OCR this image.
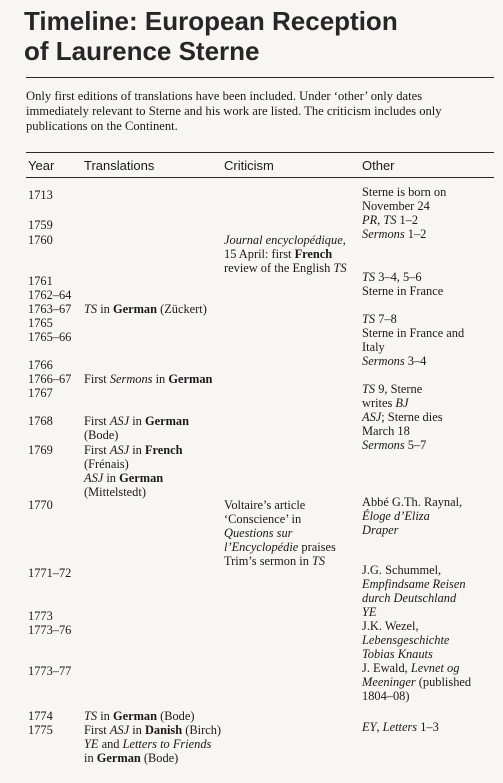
Timeline: European Reception
of Laurence Sterne
Only first editions of translations have been included. Under ‘other’ only dates
immediately relevant to Sterne and his work are listed. The criticism includes only
publications on the Continent.
Year Translations	Criticism	Other
1713
1759
1760
1761
1762–64
1763–67
1765
1765–66
1766
1766–67
1767
1768
1769
1770
1771–72
1773
1773–76
1773–77
1774
1775
TS in German (Zückert)
First Sermons in German
First ASJ in German
(Bode)
First ASJ in French
(Frénais)
ASJ in German
(Mittelstedt)
TS in German (Bode)
First ASJ in Danish (Birch)
YE and Letters to Friends
in German (Bode)
Journal encyclopédique,
15 April: first French
review of the English TS
Voltaire’s article
‘Conscience’ in
Questions sur
l’Encyclopédie praises
Trim’s sermon in TS
Sterne is born on
November 24
PR, TS 1–2
Sermons 1–2
TS 3–4, 5–6
Sterne in France
TS 7–8
Sterne in France and
Italy
Sermons 3–4
TS 9, Sterne
writes BJ
ASJ; Sterne dies
March 18
Sermons 5–7
Abbé G.Th. Raynal,
Éloge d’Eliza
Draper
J.G. Schummel,
Empfindsame Reisen
durch Deutschland
YE
J.K. Wezel,
Lebensgeschichte
Tobias Knauts
J. Ewald, Levnet og
Meeninger (published
1804–08)
EY, Letters 1–3
